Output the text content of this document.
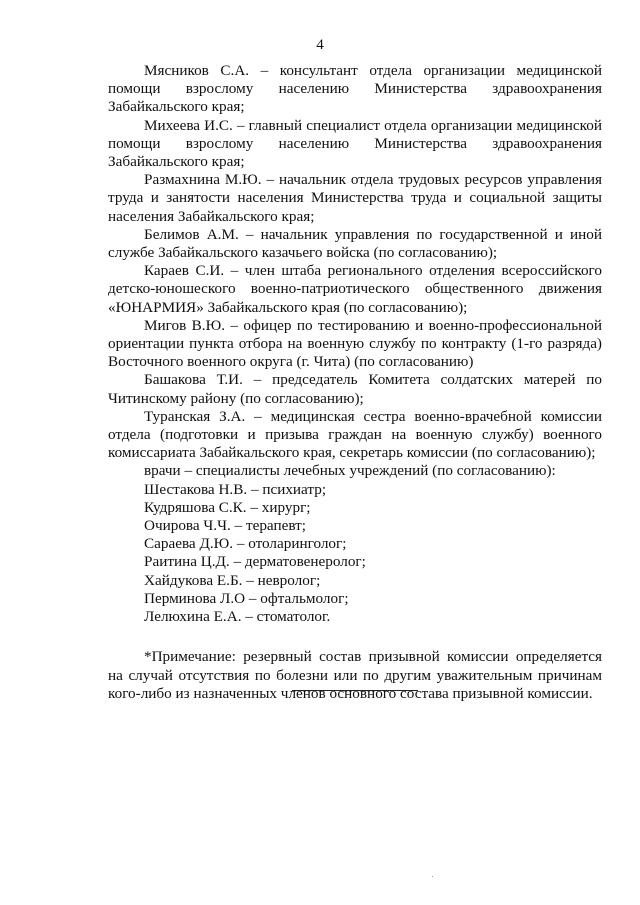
4

Мясников С.А. – консультант отдела организации медицинской помощи взрослому населению Министерства здравоохранения Забайкальского края;

Михеева И.С. – главный специалист отдела организации медицинской помощи взрослому населению Министерства здравоохранения Забайкальского края;

Размахнина М.Ю. – начальник отдела трудовых ресурсов управления труда и занятости населения Министерства труда и социальной защиты населения Забайкальского края;

Белимов А.М. – начальник управления по государственной и иной службе Забайкальского казачьего войска (по согласованию);

Караев С.И. – член штаба регионального отделения всероссийского детско-юношеского военно-патриотического общественного движения «ЮНАРМИЯ» Забайкальского края (по согласованию);

Мигов В.Ю. – офицер по тестированию и военно-профессиональной ориентации пункта отбора на военную службу по контракту (1-го разряда) Восточного военного округа (г. Чита) (по согласованию)

Башакова Т.И. – председатель Комитета солдатских матерей по Читинскому району (по согласованию);

Туранская З.А. – медицинская сестра военно-врачебной комиссии отдела (подготовки и призыва граждан на военную службу) военного комиссариата Забайкальского края, секретарь комиссии (по согласованию);

врачи – специалисты лечебных учреждений (по согласованию):

Шестакова Н.В. – психиатр;

Кудряшова С.К. – хирург;

Очирова Ч.Ч. – терапевт;

Сараева Д.Ю. – отоларинголог;

Раитина Ц.Д. – дерматовенеролог;

Хайдукова Е.Б. – невролог;

Перминова Л.О – офтальмолог;

Лелюхина Е.А. – стоматолог.

*Примечание: резервный состав призывной комиссии определяется на случай отсутствия по болезни или по другим уважительным причинам кого-либо из назначенных членов основного состава призывной комиссии.
